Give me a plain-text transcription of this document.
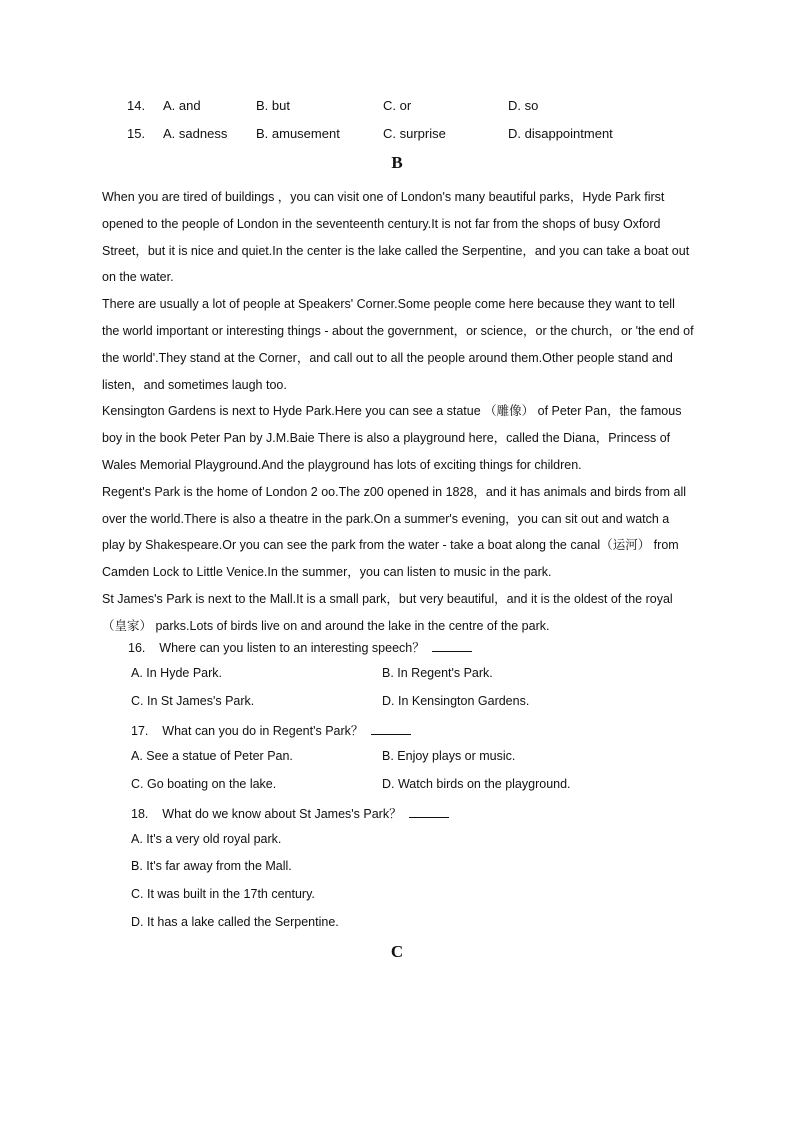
14. A. and	B. but	C. or	D. so
15. A. sadness B. amusement	C. surprise	D. disappointment
B

When you are tired of buildings ，you can visit one of London's many beautiful parks，Hyde Park first opened to the people of London in the seventeenth century.It is not far from the shops of busy Oxford Street，but it is nice and quiet.In the center is the lake called the Serpentine，and you can take a boat out on the water.

There are usually a lot of people at Speakers' Corner.Some people come here because they want to tell the world important or interesting things - about the government，or science，or the church，or 'the end of the world'.They stand at the Corner，and call out to all the people around them.Other people stand and listen，and sometimes laugh too.

Kensington Gardens is next to Hyde Park.Here you can see a statue （雕像） of Peter Pan，the famous boy in the book Peter Pan by J.M.Baie There is also a playground here，called the Diana，Princess of Wales Memorial Playground.And the playground has lots of exciting things for children.

Regent's Park is the home of London 2 oo.The z00 opened in 1828，and it has animals and birds from all over the world.There is also a theatre in the park.On a summer's evening，you can sit out and watch a play by Shakespeare.Or you can see the park from the water - take a boat along the canal（运河） from Camden Lock to Little Venice.In the summer，you can listen to music in the park.

St James's Park is next to the Mall.It is a small park，but very beautiful，and it is the oldest of the royal （皇家） parks.Lots of birds live on and around the lake in the centre of the park.

16. Where can you listen to an interesting speech？
A. In Hyde Park.	B. In Regent's Park.
C. In St James's Park.	D. In Kensington Gardens.
17. What can you do in Regent's Park？
A. See a statue of Peter Pan.	B. Enjoy plays or music.
C. Go boating on the lake.	D. Watch birds on the playground.
18. What do we know about St James's Park？
A. It's a very old royal park.
B. It's far away from the Mall.
C. It was built in the 17th century.
D. It has a lake called the Serpentine.
C
